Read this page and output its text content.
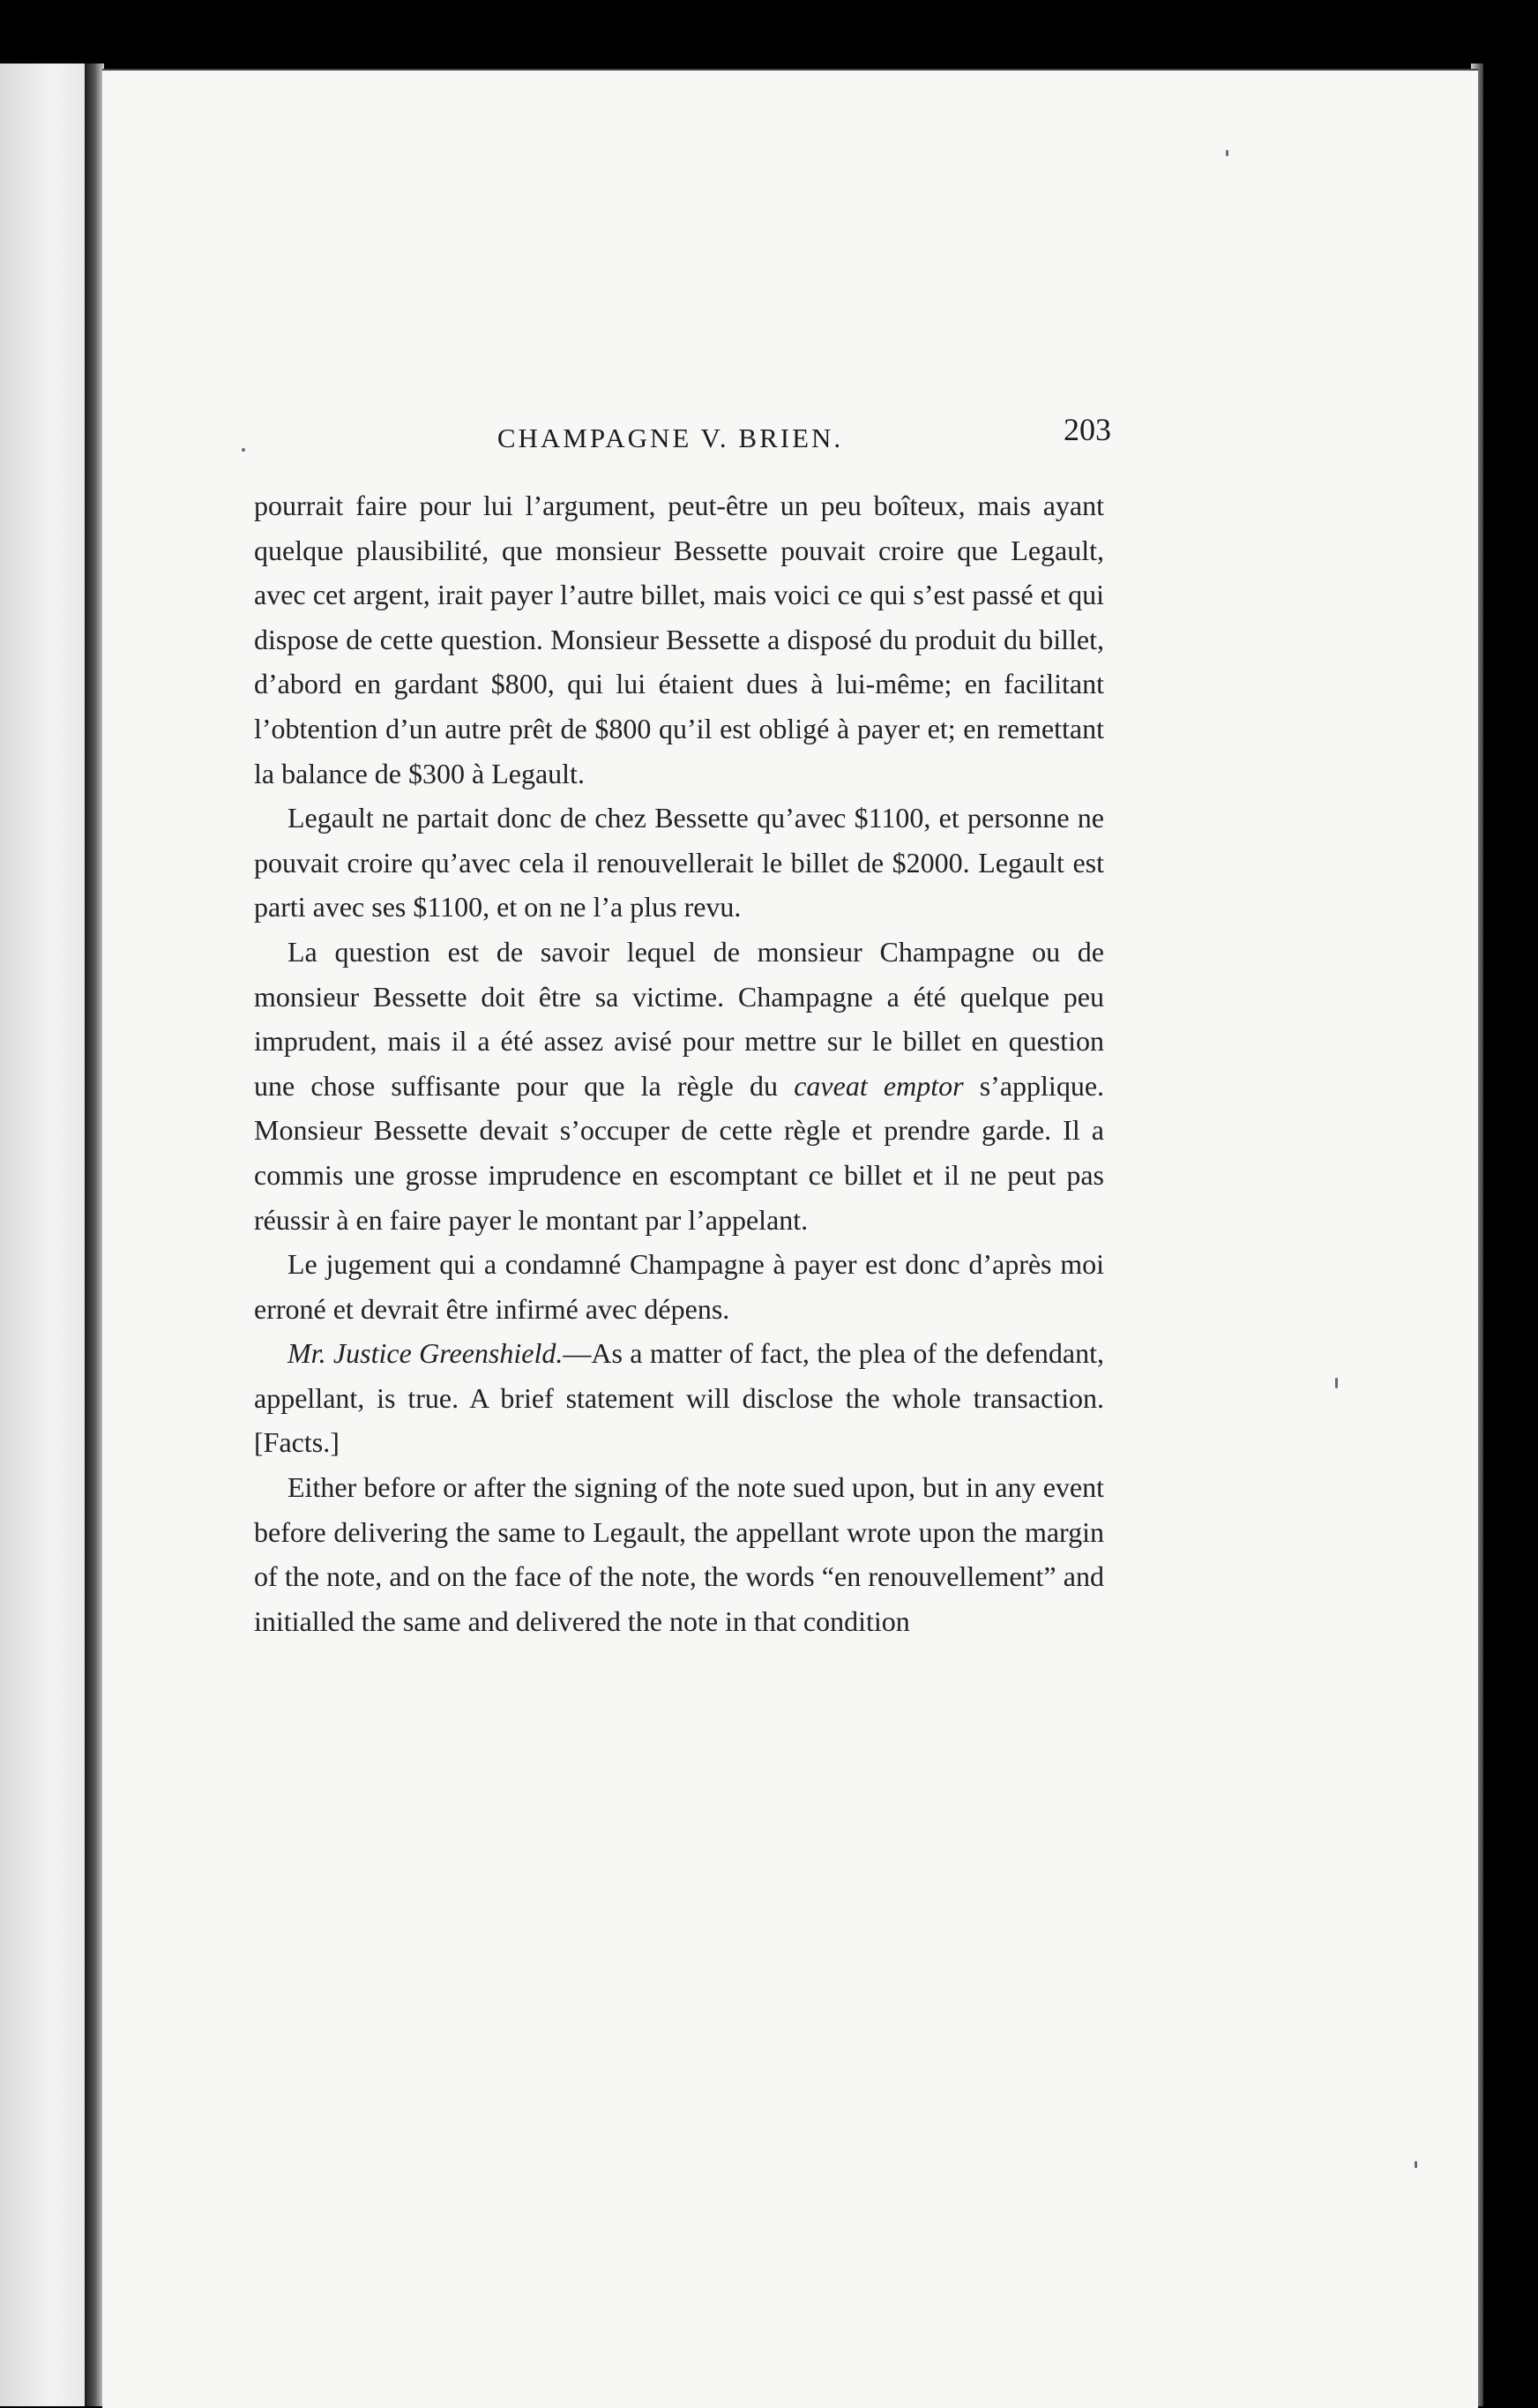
CHAMPAGNE V. BRIEN.	203

pourrait faire pour lui l’argument, peut-être un peu boîteux, mais ayant quelque plausibilité, que monsieur Bessette pouvait croire que Legault, avec cet argent, irait payer l’autre billet, mais voici ce qui s’est passé et qui dispose de cette question. Monsieur Bessette a disposé du produit du billet, d’abord en gardant $800, qui lui étaient dues à lui-même; en facilitant l’obtention d’un autre prêt de $800 qu’il est obligé à payer et; en remettant la balance de $300 à Legault.

Legault ne partait donc de chez Bessette qu’avec $1100, et personne ne pouvait croire qu’avec cela il renouvellerait le billet de $2000. Legault est parti avec ses $1100, et on ne l’a plus revu.

La question est de savoir lequel de monsieur Champagne ou de monsieur Bessette doit être sa victime. Champagne a été quelque peu imprudent, mais il a été assez avisé pour mettre sur le billet en question une chose suffisante pour que la règle du caveat emptor s’applique. Monsieur Bessette devait s’occuper de cette règle et prendre garde. Il a commis une grosse imprudence en escomptant ce billet et il ne peut pas réussir à en faire payer le montant par l’appelant.

Le jugement qui a condamné Champagne à payer est donc d’après moi erroné et devrait être infirmé avec dépens.

Mr. Justice Greenshield.—As a matter of fact, the plea of the defendant, appellant, is true. A brief statement will disclose the whole transaction. [Facts.]

Either before or after the signing of the note sued upon, but in any event before delivering the same to Legault, the appellant wrote upon the margin of the note, and on the face of the note, the words “en renouvellement” and initialled the same and delivered the note in that condition
